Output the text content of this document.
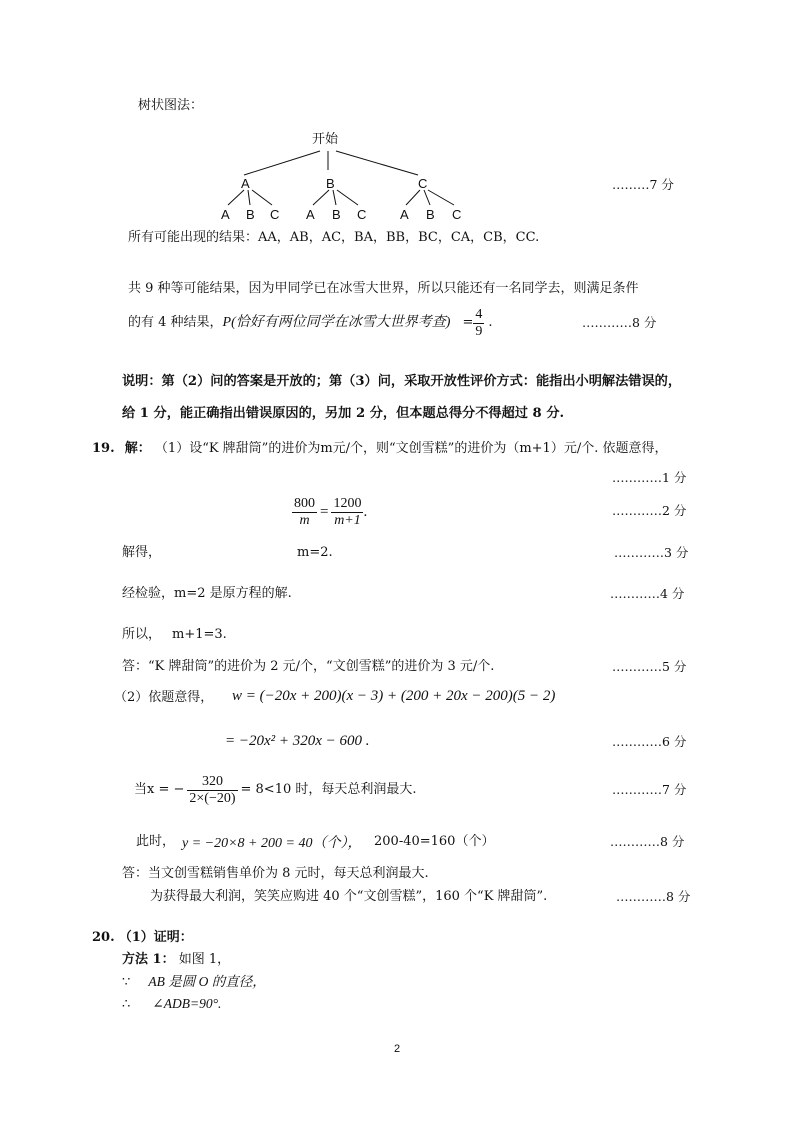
树状图法：
开始
A	B	C
A B C A B C	A B C
………7 分
所有可能出现的结果：AA，AB，AC，BA，BB，BC，CA，CB，CC.
共 9 种等可能结果，因为甲同学已在冰雪大世界，所以只能还有一名同学去，则满足条件
的有 4 种结果， P(恰好有两位同学在冰雪大世界考查) = $\frac{4}{9}$ .	…………8 分
说明：第（2）问的答案是开放的；第（3）问，采取开放性评价方式：能指出小明解法错误的，
给 1 分，能正确指出错误原因的，另加 2 分，但本题总得分不得超过 8 分.
19. 解： （1）设“K 牌甜筒”的进价为m元/个，则“文创雪糕”的进价为（m+1）元/个. 依题意得，
…………1 分
$\frac{800}{m} = \frac{1200}{m+1}$ .	…………2 分
解得，	m=2.	…………3 分
经检验，m=2 是原方程的解.	…………4 分
所以， m+1=3.
答：“K 牌甜筒”的进价为 2 元/个，“文创雪糕”的进价为 3 元/个.	…………5 分
（2）依题意得， w = (−20x + 200)(x − 3) + (200 + 20x − 200)(5 − 2)
= −20x² + 320x − 600 .	…………6 分
当x = − $\frac{320}{2\times(-20)} = 8<10$ 时，每天总利润最大.	…………7 分
此时， y = −20×8 + 200 = 40（个）， 200-40=160（个）	…………8 分
答：当文创雪糕销售单价为 8 元时，每天总利润最大.
为获得最大利润，笑笑应购进 40 个“文创雪糕”，160 个“K 牌甜筒”.	…………8 分
20. （1）证明：
方法 1： 如图 1，
∵ AB 是圆 O 的直径，
∴ ∠ADB=90°.
2
